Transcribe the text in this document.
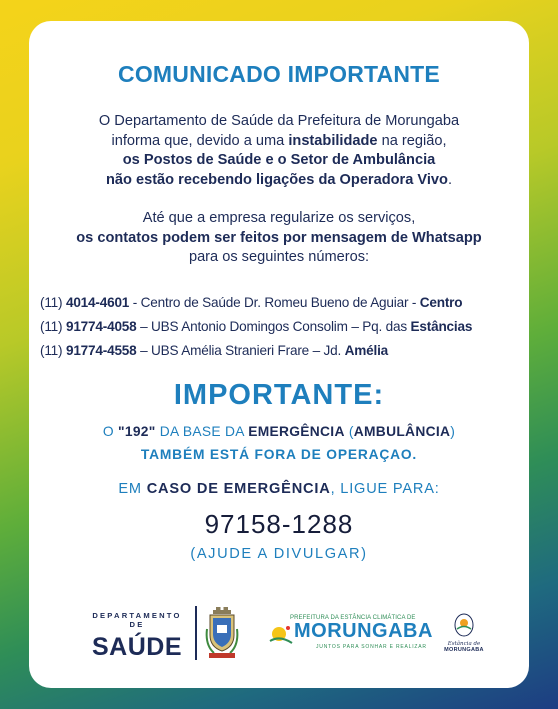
COMUNICADO IMPORTANTE
O Departamento de Saúde da Prefeitura de Morungaba
informa que, devido a uma instabilidade na região,
os Postos de Saúde e o Setor de Ambulância
não estão recebendo ligações da Operadora Vivo.
Até que a empresa regularize os serviços,
os contatos podem ser feitos por mensagem de Whatsapp
para os seguintes números:
(11) 4014-4601 - Centro de Saúde Dr. Romeu Bueno de Aguiar - Centro
(11) 91774-4058 – UBS Antonio Domingos Consolim – Pq. das Estâncias
(11) 91774-4558 – UBS Amélia Stranieri Frare – Jd. Amélia
IMPORTANTE:
O "192" DA BASE DA EMERGÊNCIA (AMBULÂNCIA)
TAMBÉM ESTÁ FORA DE OPERAÇAO.
EM CASO DE EMERGÊNCIA, LIGUE PARA:
97158-1288
(AJUDE A DIVULGAR)
DEPARTAMENTO DE
SAÚDE
PREFEITURA DA ESTÂNCIA CLIMÁTICA DE
MORUNGABA
JUNTOS PARA SONHAR E REALIZAR	Estância de
MORUNGABA
